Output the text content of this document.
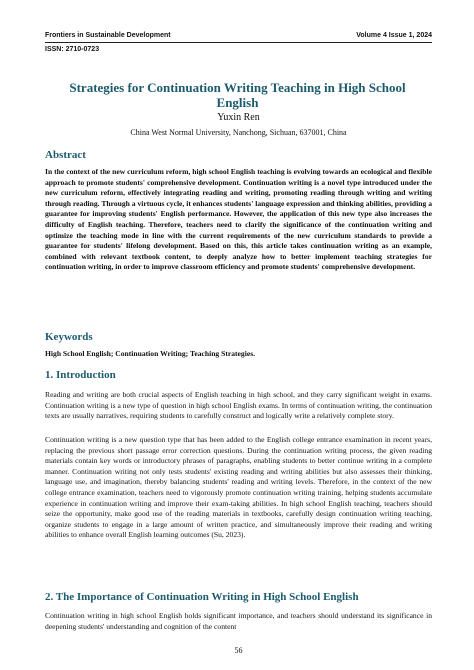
Frontiers in Sustainable Development	Volume 4 Issue 1, 2024
ISSN: 2710-0723
Strategies for Continuation Writing Teaching in High School English
Yuxin Ren
China West Normal University, Nanchong, Sichuan, 637001, China
Abstract
In the context of the new curriculum reform, high school English teaching is evolving towards an ecological and flexible approach to promote students' comprehensive development. Continuation writing is a novel type introduced under the new curriculum reform, effectively integrating reading and writing, promoting reading through writing and writing through reading. Through a virtuous cycle, it enhances students' language expression and thinking abilities, providing a guarantee for improving students' English performance. However, the application of this new type also increases the difficulty of English teaching. Therefore, teachers need to clarify the significance of the continuation writing and optimize the teaching mode in line with the current requirements of the new curriculum standards to provide a guarantee for students' lifelong development. Based on this, this article takes continuation writing as an example, combined with relevant textbook content, to deeply analyze how to better implement teaching strategies for continuation writing, in order to improve classroom efficiency and promote students' comprehensive development.
Keywords
High School English; Continuation Writing; Teaching Strategies.
1. Introduction
Reading and writing are both crucial aspects of English teaching in high school, and they carry significant weight in exams. Continuation writing is a new type of question in high school English exams. In terms of continuation writing, the continuation texts are usually narratives, requiring students to carefully construct and logically write a relatively complete story.
Continuation writing is a new question type that has been added to the English college entrance examination in recent years, replacing the previous short passage error correction questions. During the continuation writing process, the given reading materials contain key words or introductory phrases of paragraphs, enabling students to better continue writing in a complete manner. Continuation writing not only tests students' existing reading and writing abilities but also assesses their thinking, language use, and imagination, thereby balancing students' reading and writing levels. Therefore, in the context of the new college entrance examination, teachers need to vigorously promote continuation writing training, helping students accumulate experience in continuation writing and improve their exam-taking abilities. In high school English teaching, teachers should seize the opportunity, make good use of the reading materials in textbooks, carefully design continuation writing teaching, organize students to engage in a large amount of written practice, and simultaneously improve their reading and writing abilities to enhance overall English learning outcomes (Su, 2023).
2. The Importance of Continuation Writing in High School English
Continuation writing in high school English holds significant importance, and teachers should understand its significance in deepening students' understanding and cognition of the content
56
